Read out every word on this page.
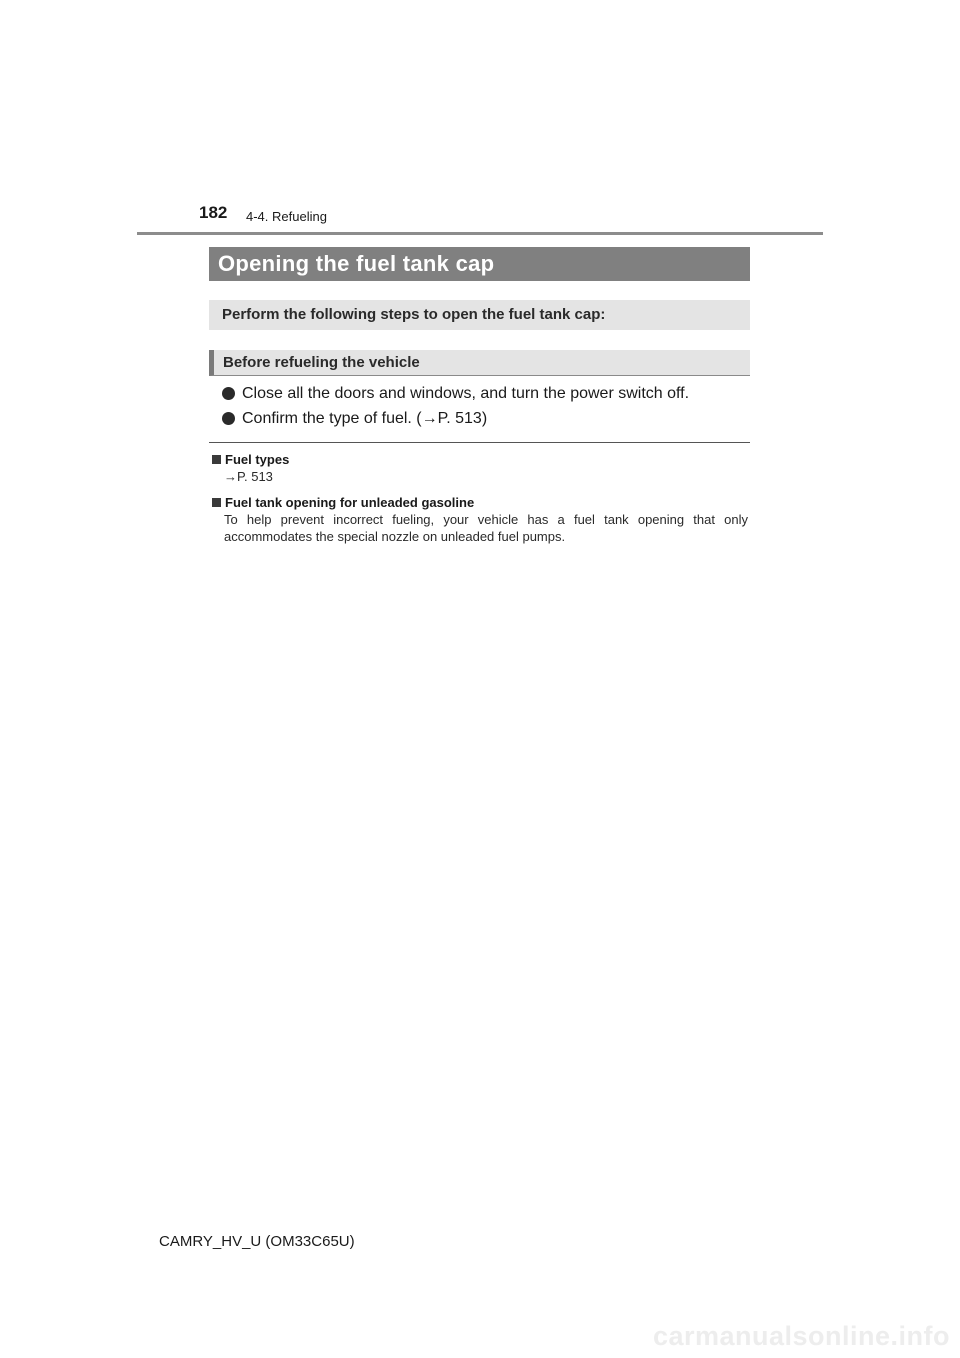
182 4-4. Refueling
Opening the fuel tank cap
Perform the following steps to open the fuel tank cap:
Before refueling the vehicle
Close all the doors and windows, and turn the power switch off.
Confirm the type of fuel. (→P. 513)
Fuel types
→P. 513
Fuel tank opening for unleaded gasoline
To help prevent incorrect fueling, your vehicle has a fuel tank opening that only accommodates the special nozzle on unleaded fuel pumps.
CAMRY_HV_U (OM33C65U)
carmanualsonline.info
